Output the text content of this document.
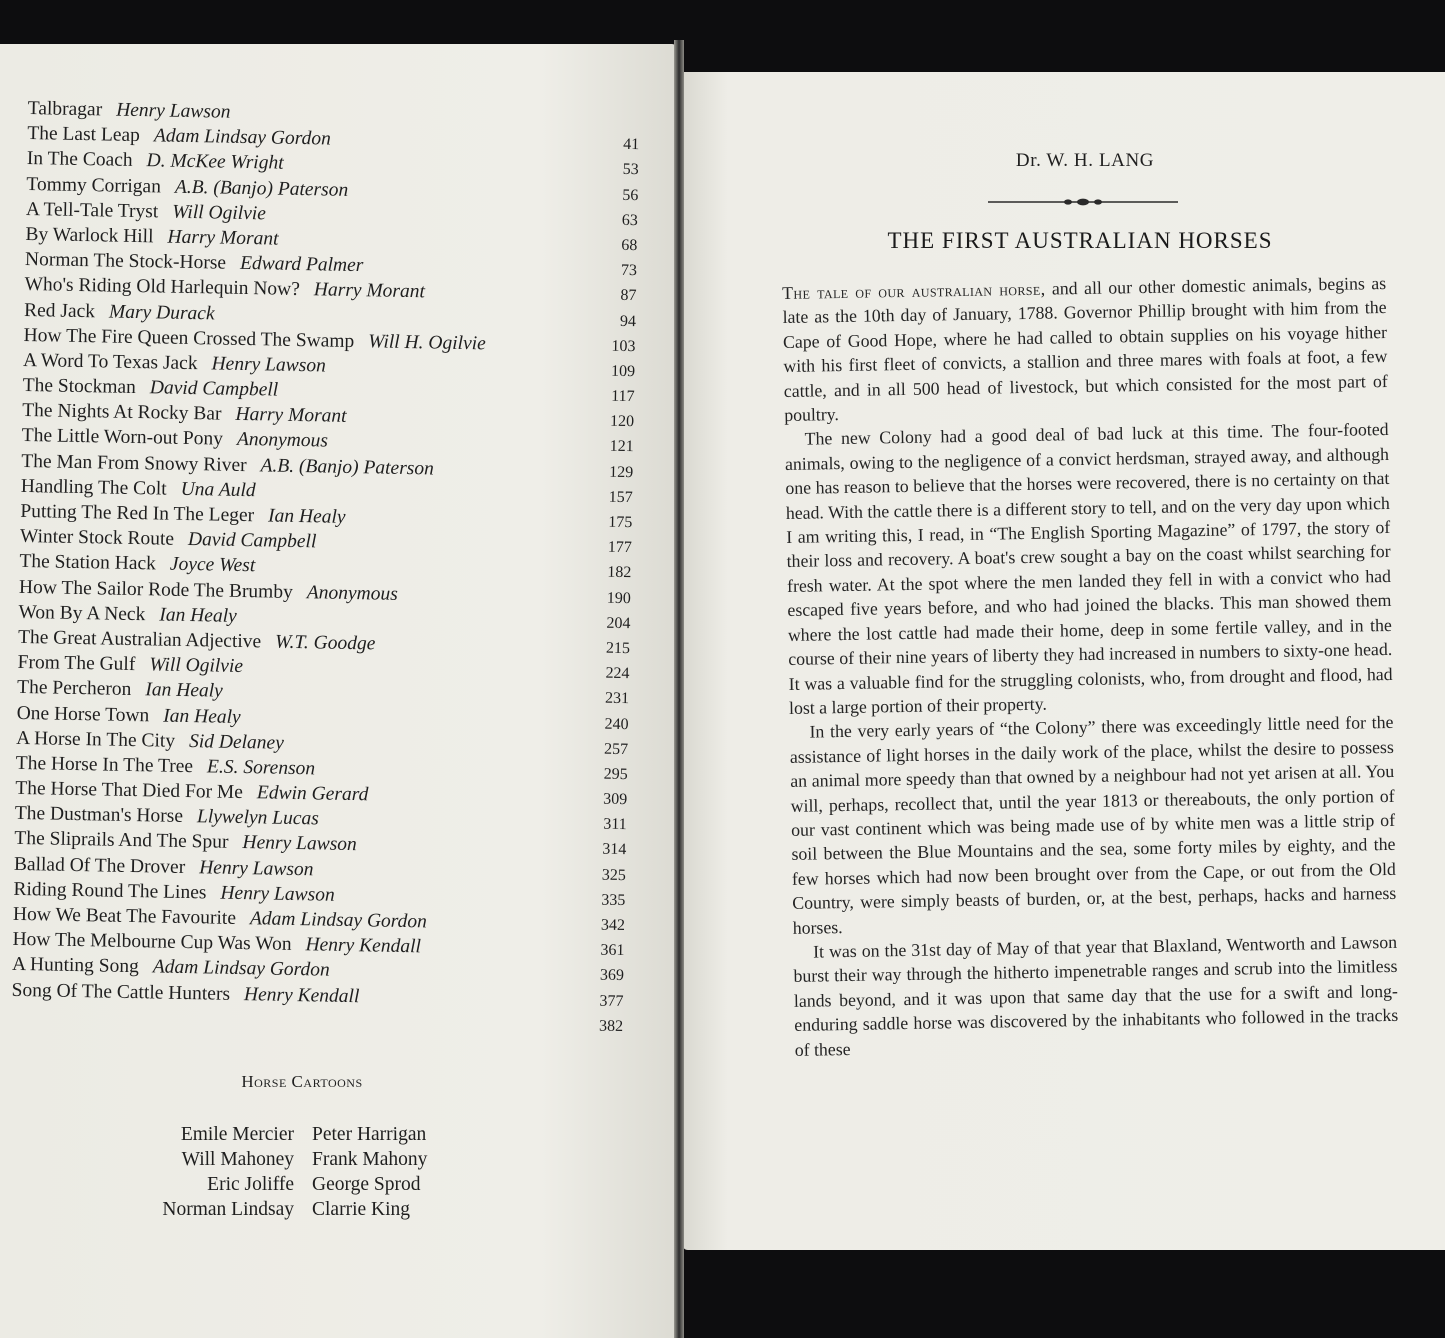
Talbragar Henry Lawson
The Last Leap Adam Lindsay Gordon	41
In The Coach D. McKee Wright	53
Tommy Corrigan A.B. (Banjo) Paterson	56
A Tell-Tale Tryst Will Ogilvie	63
By Warlock Hill Harry Morant	68
Norman The Stock-Horse Edward Palmer	73
Who's Riding Old Harlequin Now? Harry Morant	87
Red Jack Mary Durack	94
How The Fire Queen Crossed The Swamp Will H. Ogilvie	103
A Word To Texas Jack Henry Lawson	109
The Stockman David Campbell	117
The Nights At Rocky Bar Harry Morant	120
The Little Worn-out Pony Anonymous	121
The Man From Snowy River A.B. (Banjo) Paterson	129
Handling The Colt Una Auld	157
Putting The Red In The Leger Ian Healy	175
Winter Stock Route David Campbell	177
The Station Hack Joyce West	182
How The Sailor Rode The Brumby Anonymous	190
Won By A Neck Ian Healy	204
The Great Australian Adjective W.T. Goodge	215
From The Gulf Will Ogilvie	224
The Percheron Ian Healy	231
One Horse Town Ian Healy	240
A Horse In The City Sid Delaney	257
The Horse In The Tree E.S. Sorenson	295
The Horse That Died For Me Edwin Gerard	309
The Dustman's Horse Llywelyn Lucas	311
The Sliprails And The Spur Henry Lawson	314
Ballad Of The Drover Henry Lawson	325
Riding Round The Lines Henry Lawson	335
How We Beat The Favourite Adam Lindsay Gordon	342
How The Melbourne Cup Was Won Henry Kendall	361
A Hunting Song Adam Lindsay Gordon	369
Song Of The Cattle Hunters Henry Kendall	377
382
Horse Cartoons
Emile Mercier Peter Harrigan
Will Mahoney Frank Mahony
Eric Joliffe George Sprod
Norman Lindsay Clarrie King
Dr. W. H. LANG
THE FIRST AUSTRALIAN HORSES

The tale of our australian horse, and all our other domestic animals, begins as late as the 10th day of January, 1788. Governor Phillip brought with him from the Cape of Good Hope, where he had called to obtain supplies on his voyage hither with his first fleet of convicts, a stallion and three mares with foals at foot, a few cattle, and in all 500 head of livestock, but which consisted for the most part of poultry.

The new Colony had a good deal of bad luck at this time. The four-footed animals, owing to the negligence of a convict herdsman, strayed away, and although one has reason to believe that the horses were recovered, there is no certainty on that head. With the cattle there is a different story to tell, and on the very day upon which I am writing this, I read, in “The English Sporting Magazine” of 1797, the story of their loss and recovery. A boat's crew sought a bay on the coast whilst searching for fresh water. At the spot where the men landed they fell in with a convict who had escaped five years before, and who had joined the blacks. This man showed them where the lost cattle had made their home, deep in some fertile valley, and in the course of their nine years of liberty they had increased in numbers to sixty-one head. It was a valuable find for the struggling colonists, who, from drought and flood, had lost a large portion of their property.

In the very early years of “the Colony” there was exceedingly little need for the assistance of light horses in the daily work of the place, whilst the desire to possess an animal more speedy than that owned by a neighbour had not yet arisen at all. You will, perhaps, recollect that, until the year 1813 or thereabouts, the only portion of our vast continent which was being made use of by white men was a little strip of soil between the Blue Mountains and the sea, some forty miles by eighty, and the few horses which had now been brought over from the Cape, or out from the Old Country, were simply beasts of burden, or, at the best, perhaps, hacks and harness horses.

It was on the 31st day of May of that year that Blaxland, Wentworth and Lawson burst their way through the hitherto impenetrable ranges and scrub into the limitless lands beyond, and it was upon that same day that the use for a swift and long-enduring saddle horse was discovered by the inhabitants who followed in the tracks of these
